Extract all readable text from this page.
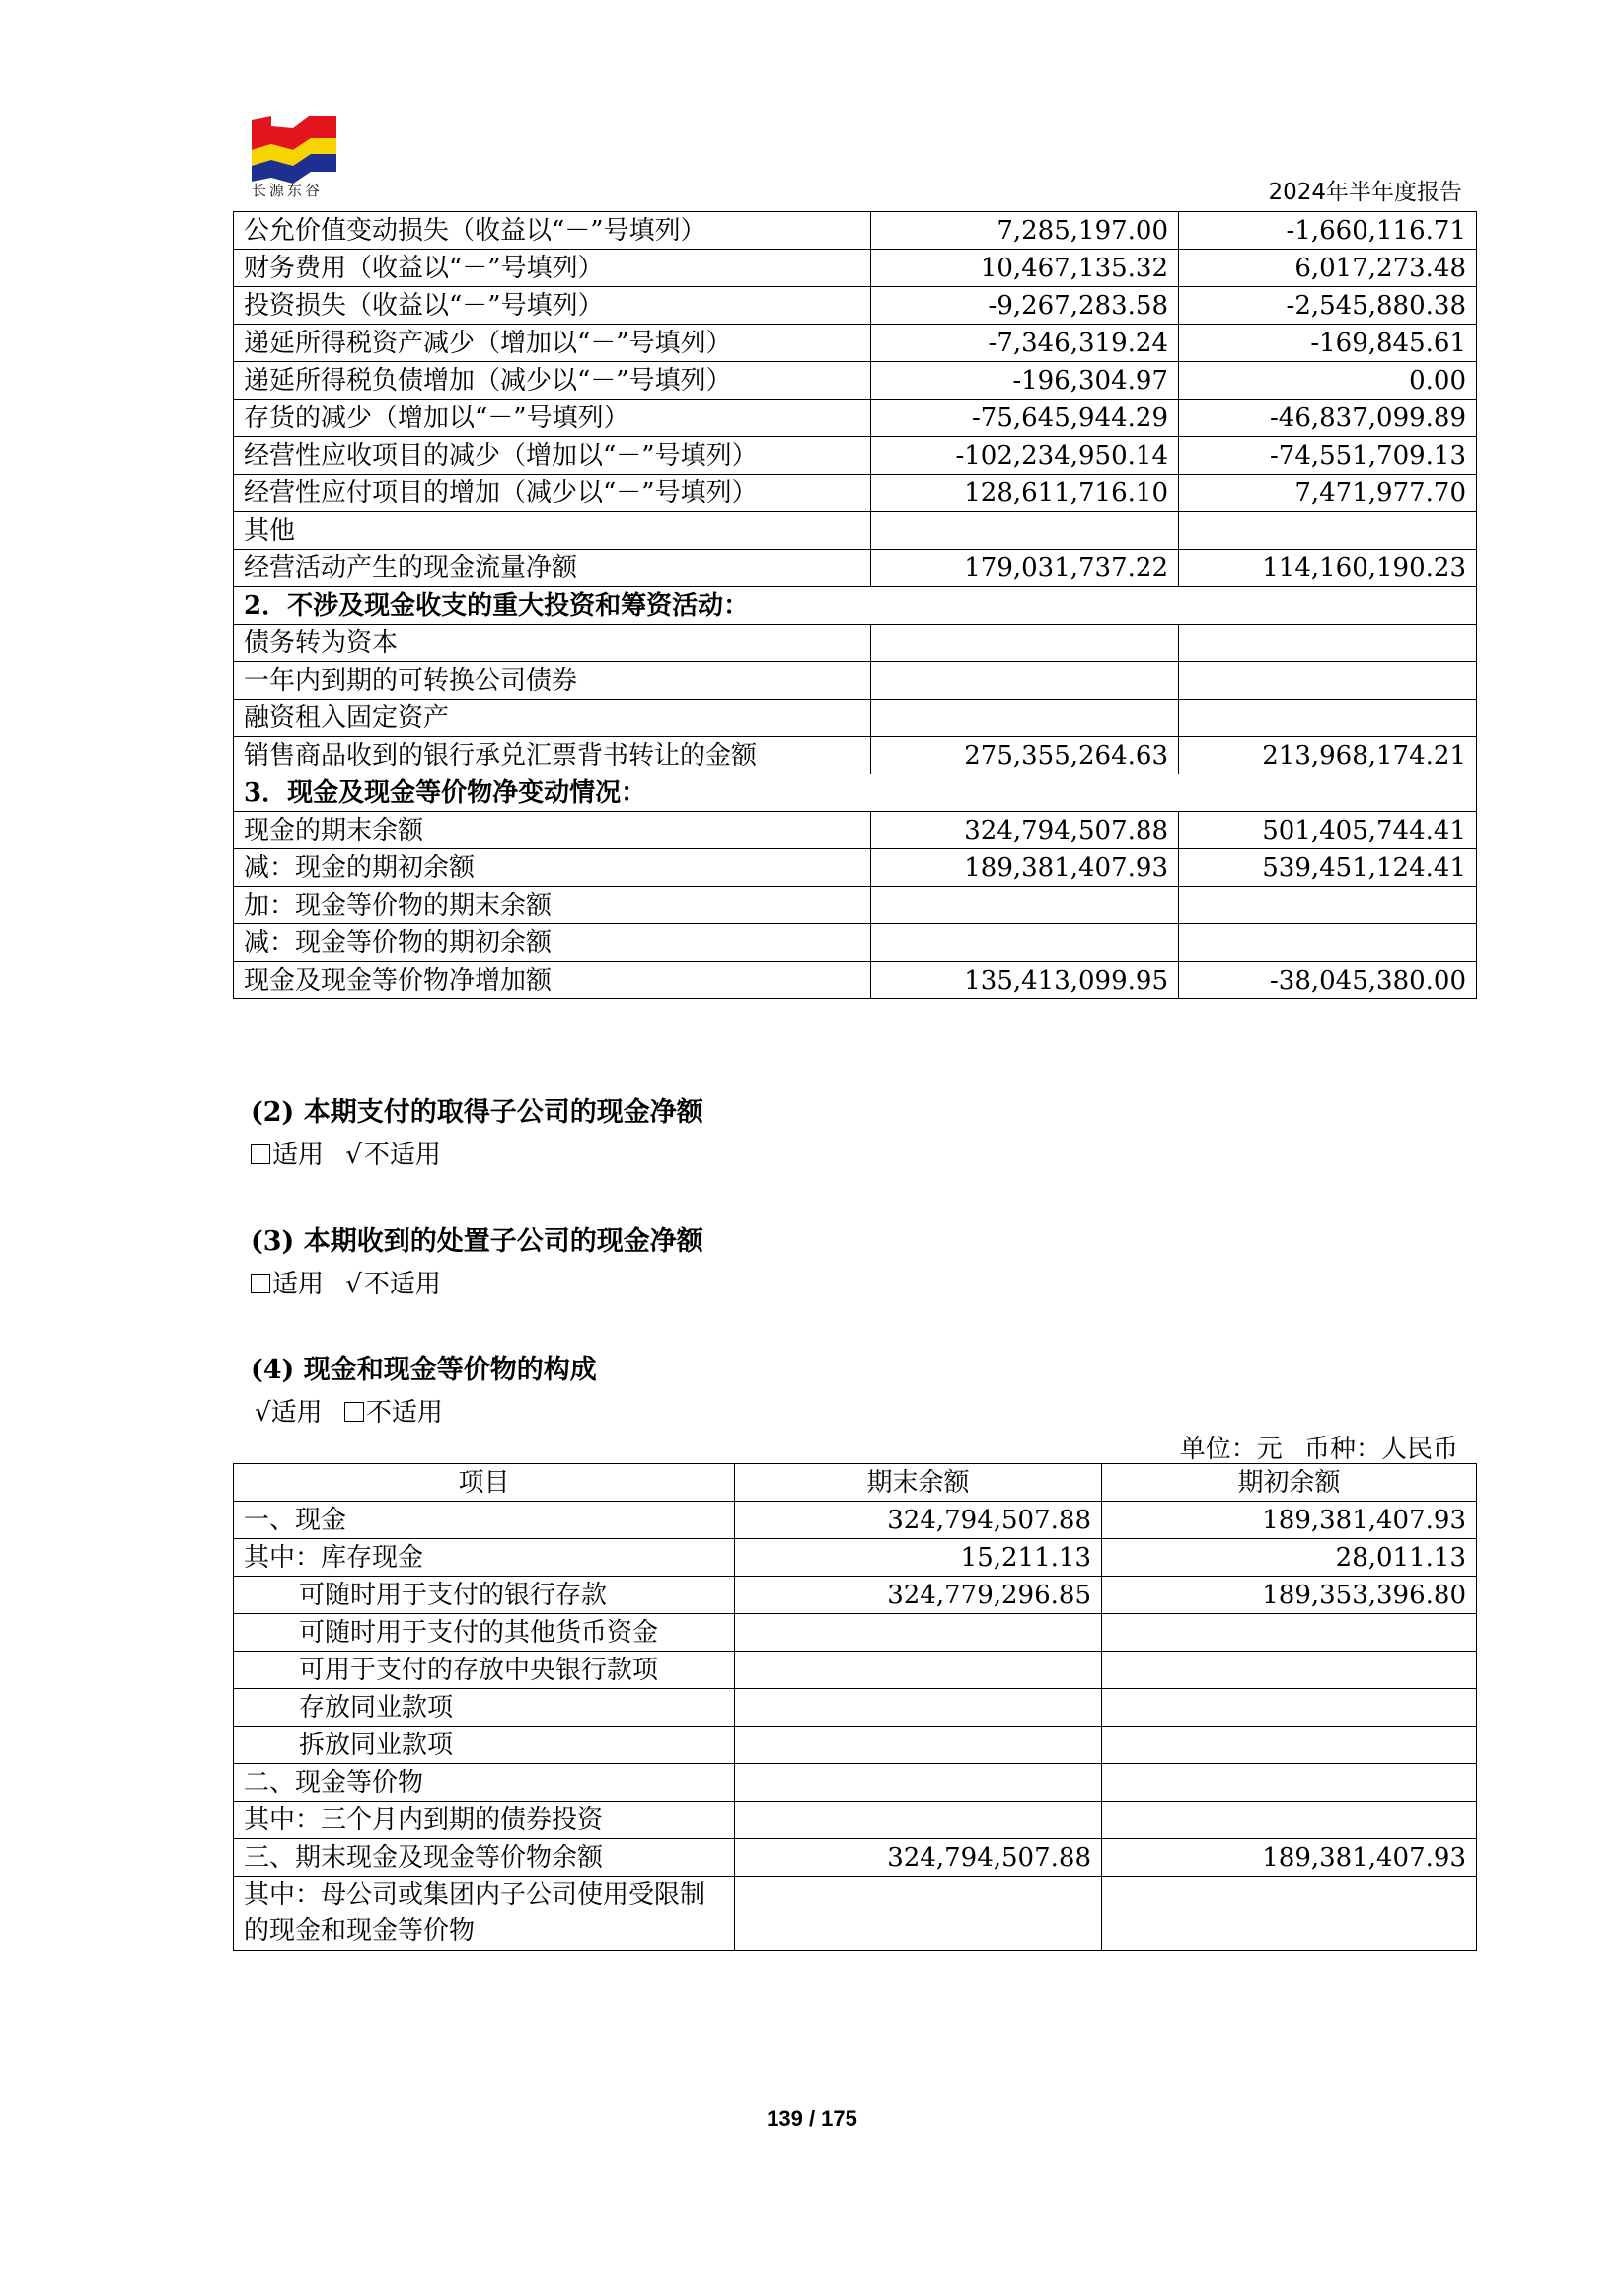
长源东谷	2024年半年度报告
公允价值变动损失（收益以“－”号填列）	7,285,197.00	-1,660,116.71
财务费用（收益以“－”号填列）	10,467,135.32	6,017,273.48
投资损失（收益以“－”号填列）	-9,267,283.58	-2,545,880.38
递延所得税资产减少（增加以“－”号填列）	-7,346,319.24	-169,845.61
递延所得税负债增加（减少以“－”号填列）	-196,304.97	0.00
存货的减少（增加以“－”号填列）	-75,645,944.29	-46,837,099.89
经营性应收项目的减少（增加以“－”号填列）	-102,234,950.14	-74,551,709.13
经营性应付项目的增加（减少以“－”号填列）	128,611,716.10	7,471,977.70
其他		
经营活动产生的现金流量净额	179,031,737.22	114,160,190.23
2．不涉及现金收支的重大投资和筹资活动：		
债务转为资本		
一年内到期的可转换公司债券		
融资租入固定资产		
销售商品收到的银行承兑汇票背书转让的金额	275,355,264.63	213,968,174.21
3．现金及现金等价物净变动情况：		
现金的期末余额	324,794,507.88	501,405,744.41
减：现金的期初余额	189,381,407.93	539,451,124.41
加：现金等价物的期末余额		
减：现金等价物的期初余额		
现金及现金等价物净增加额	135,413,099.95	-38,045,380.00
(2) 本期支付的取得子公司的现金净额
适用 √不适用
(3) 本期收到的处置子公司的现金净额
适用 √不适用
(4) 现金和现金等价物的构成
√适用 不适用
单位：元 币种：人民币
项目	期末余额	期初余额
一、现金	324,794,507.88	189,381,407.93
其中：库存现金	15,211.13	28,011.13
可随时用于支付的银行存款	324,779,296.85	189,353,396.80
可随时用于支付的其他货币资金		
可用于支付的存放中央银行款项		
存放同业款项		
拆放同业款项		
二、现金等价物		
其中：三个月内到期的债券投资		
三、期末现金及现金等价物余额	324,794,507.88	189,381,407.93
其中：母公司或集团内子公司使用受限制的现金和现金等价物		
139 / 175
